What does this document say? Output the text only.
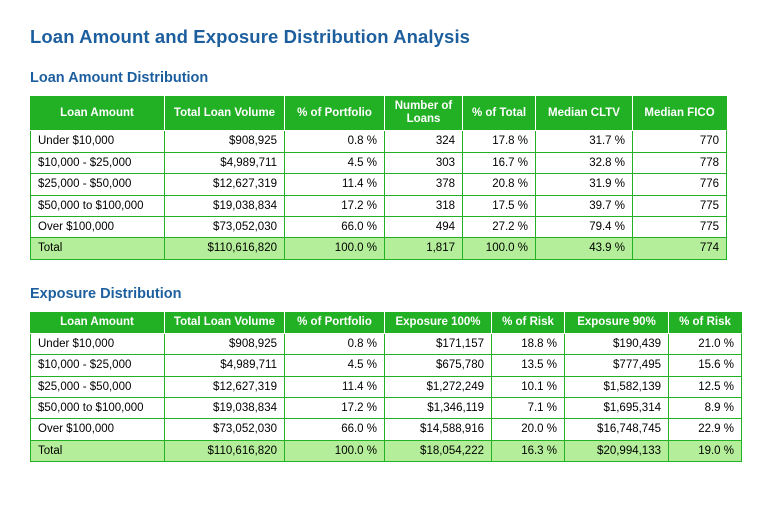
Loan Amount and Exposure Distribution Analysis
Loan Amount Distribution
Loan Amount	Total Loan Volume	% of Portfolio	Number of Loans	% of Total	Median CLTV	Median FICO
Under $10,000	$908,925	0.8 %	324	17.8 %	31.7 %	770
$10,000 - $25,000	$4,989,711	4.5 %	303	16.7 %	32.8 %	778
$25,000 - $50,000	$12,627,319	11.4 %	378	20.8 %	31.9 %	776
$50,000 to $100,000	$19,038,834	17.2 %	318	17.5 %	39.7 %	775
Over $100,000	$73,052,030	66.0 %	494	27.2 %	79.4 %	775
Total	$110,616,820	100.0 %	1,817	100.0 %	43.9 %	774
Exposure Distribution
Loan Amount	Total Loan Volume	% of Portfolio	Exposure 100%	% of Risk	Exposure 90%	% of Risk
Under $10,000	$908,925	0.8 %	$171,157	18.8 %	$190,439	21.0 %
$10,000 - $25,000	$4,989,711	4.5 %	$675,780	13.5 %	$777,495	15.6 %
$25,000 - $50,000	$12,627,319	11.4 %	$1,272,249	10.1 %	$1,582,139	12.5 %
$50,000 to $100,000	$19,038,834	17.2 %	$1,346,119	7.1 %	$1,695,314	8.9 %
Over $100,000	$73,052,030	66.0 %	$14,588,916	20.0 %	$16,748,745	22.9 %
Total	$110,616,820	100.0 %	$18,054,222	16.3 %	$20,994,133	19.0 %
